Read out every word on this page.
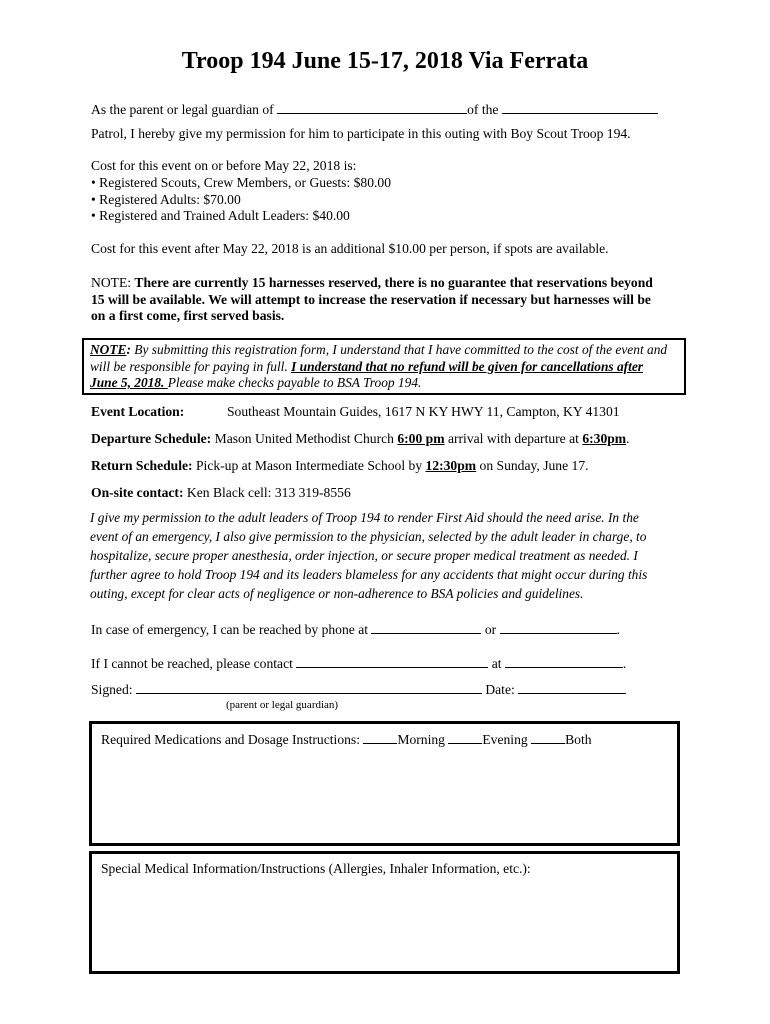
Troop 194 June 15-17, 2018 Via Ferrata
As the parent or legal guardian of	of the
Patrol, I hereby give my permission for him to participate in this outing with Boy Scout Troop 194.
Cost for this event on or before May 22, 2018 is:
• Registered Scouts, Crew Members, or Guests: $80.00
• Registered Adults: $70.00
• Registered and Trained Adult Leaders: $40.00
Cost for this event after May 22, 2018 is an additional $10.00 per person, if spots are available.
NOTE: There are currently 15 harnesses reserved, there is no guarantee that reservations beyond
15 will be available. We will attempt to increase the reservation if necessary but harnesses will be
on a first come, first served basis.
NOTE: By submitting this registration form, I understand that I have committed to the cost of the event and
will be responsible for paying in full. I understand that no refund will be given for cancellations after
June 5, 2018. Please make checks payable to BSA Troop 194.
Event Location:	Southeast Mountain Guides, 1617 N KY HWY 11, Campton, KY 41301
Departure Schedule: Mason United Methodist Church 6:00 pm arrival with departure at 6:30pm.
Return Schedule: Pick-up at Mason Intermediate School by 12:30pm on Sunday, June 17.
On-site contact: Ken Black cell: 313 319-8556
I give my permission to the adult leaders of Troop 194 to render First Aid should the need arise. In the
event of an emergency, I also give permission to the physician, selected by the adult leader in charge, to
hospitalize, secure proper anesthesia, order injection, or secure proper medical treatment as needed. I
further agree to hold Troop 194 and its leaders blameless for any accidents that might occur during this
outing, except for clear acts of negligence or non-adherence to BSA policies and guidelines.
In case of emergency, I can be reached by phone at	or	.
If I cannot be reached, please contact	at	.
Signed:	Date:
(parent or legal guardian)
Required Medications and Dosage Instructions:	Morning	Evening	Both
Special Medical Information/Instructions (Allergies, Inhaler Information, etc.):
